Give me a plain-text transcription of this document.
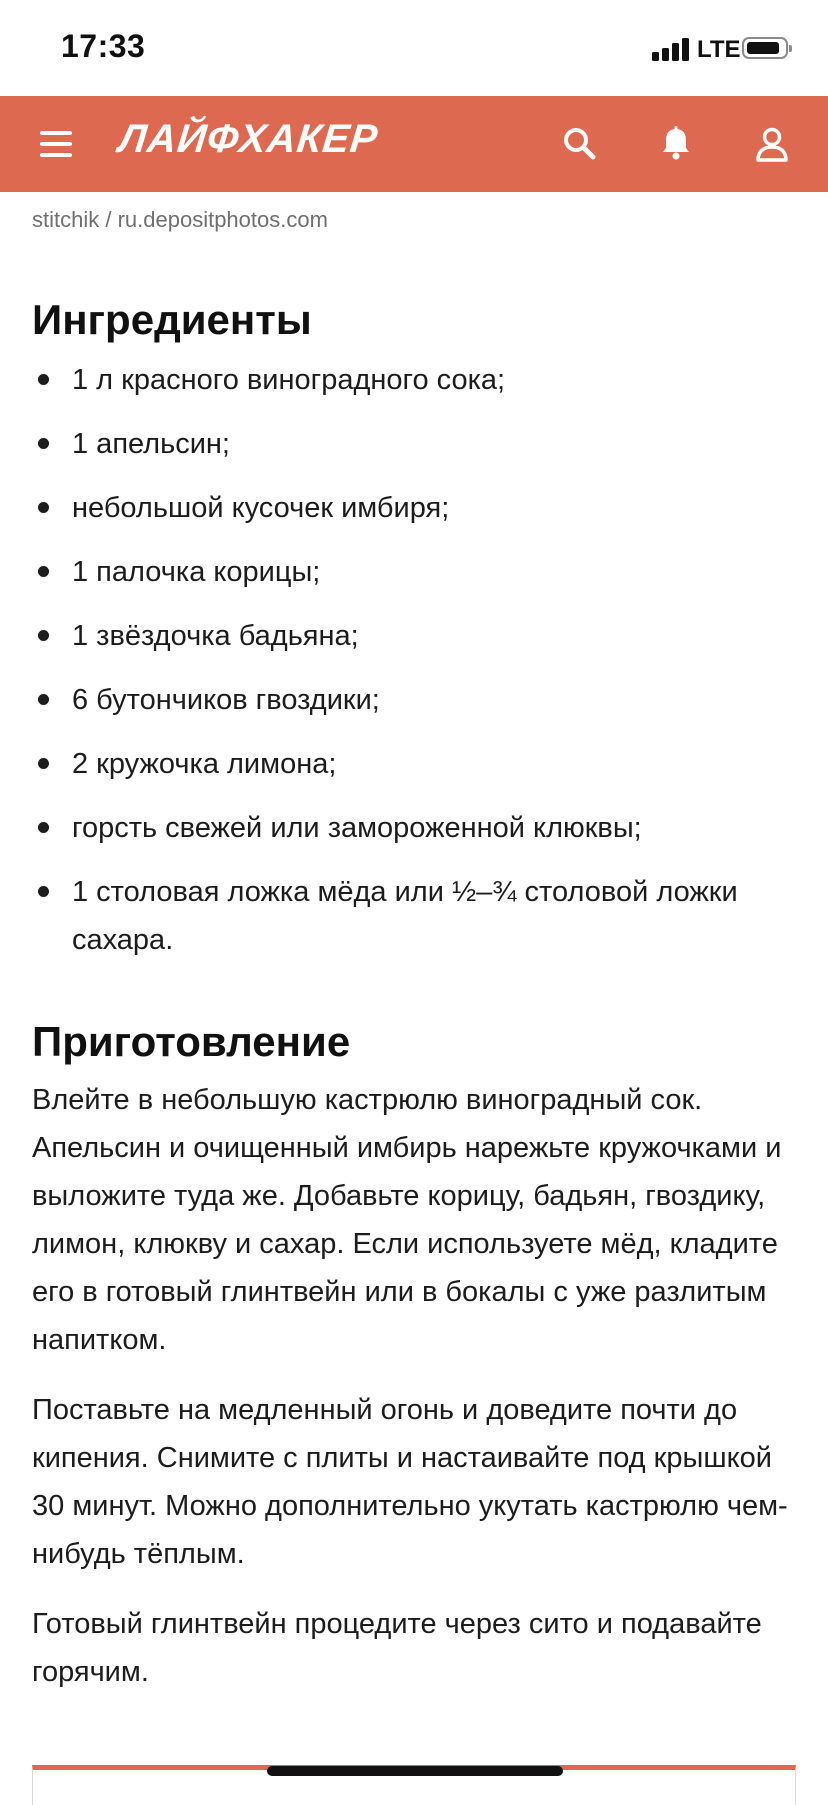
17:33	LTE
ЛАЙФХАКЕР
stitchik / ru.depositphotos.com
Ингредиенты
1 л красного виноградного сока;
1 апельсин;
небольшой кусочек имбиря;
1 палочка корицы;
1 звёздочка бадьяна;
6 бутончиков гвоздики;
2 кружочка лимона;
горсть свежей или замороженной клюквы;
1 столовая ложка мёда или ½–¾ столовой ложки сахара.
Приготовление

Влейте в небольшую кастрюлю виноградный сок. Апельсин и очищенный имбирь нарежьте кружочками и выложите туда же. Добавьте корицу, бадьян, гвоздику, лимон, клюкву и сахар. Если используете мёд, кладите его в готовый глинтвейн или в бокалы с уже разлитым напитком.

Поставьте на медленный огонь и доведите почти до кипения. Снимите с плиты и настаивайте под крышкой 30 минут. Можно дополнительно укутать кастрюлю чем-нибудь тёплым.

Готовый глинтвейн процедите через сито и подавайте горячим.
